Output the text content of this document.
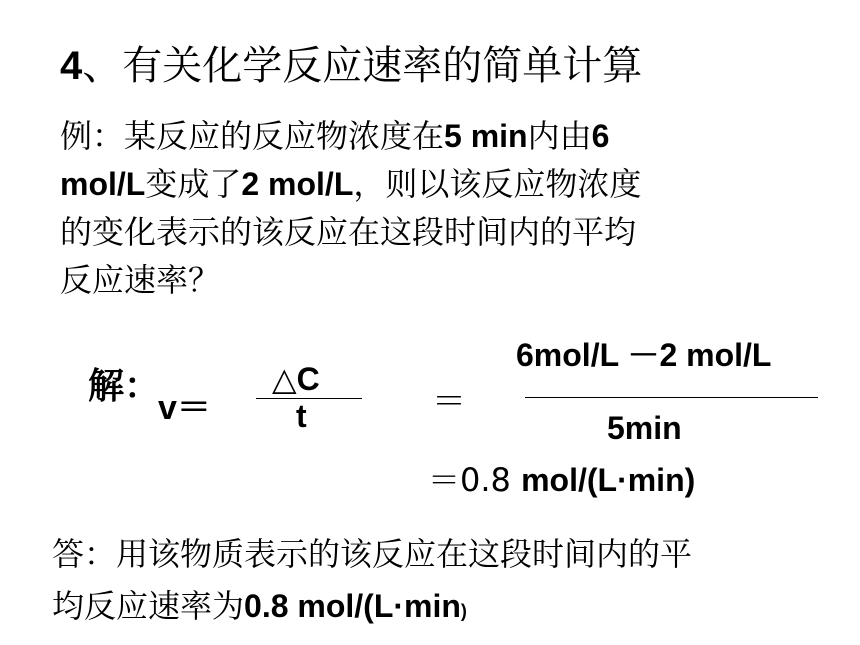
4、有关化学反应速率的简单计算
例：某反应的反应物浓度在5 min内由6
mol/L变成了2 mol/L，则以该反应物浓度
的变化表示的该反应在这段时间内的平均
反应速率？
解：
v＝
△C
t	＝
6mol/L －2 mol/L
5min
＝0.8 mol/(L·min)
答：用该物质表示的该反应在这段时间内的平
均反应速率为0.8 mol/(L·min)
